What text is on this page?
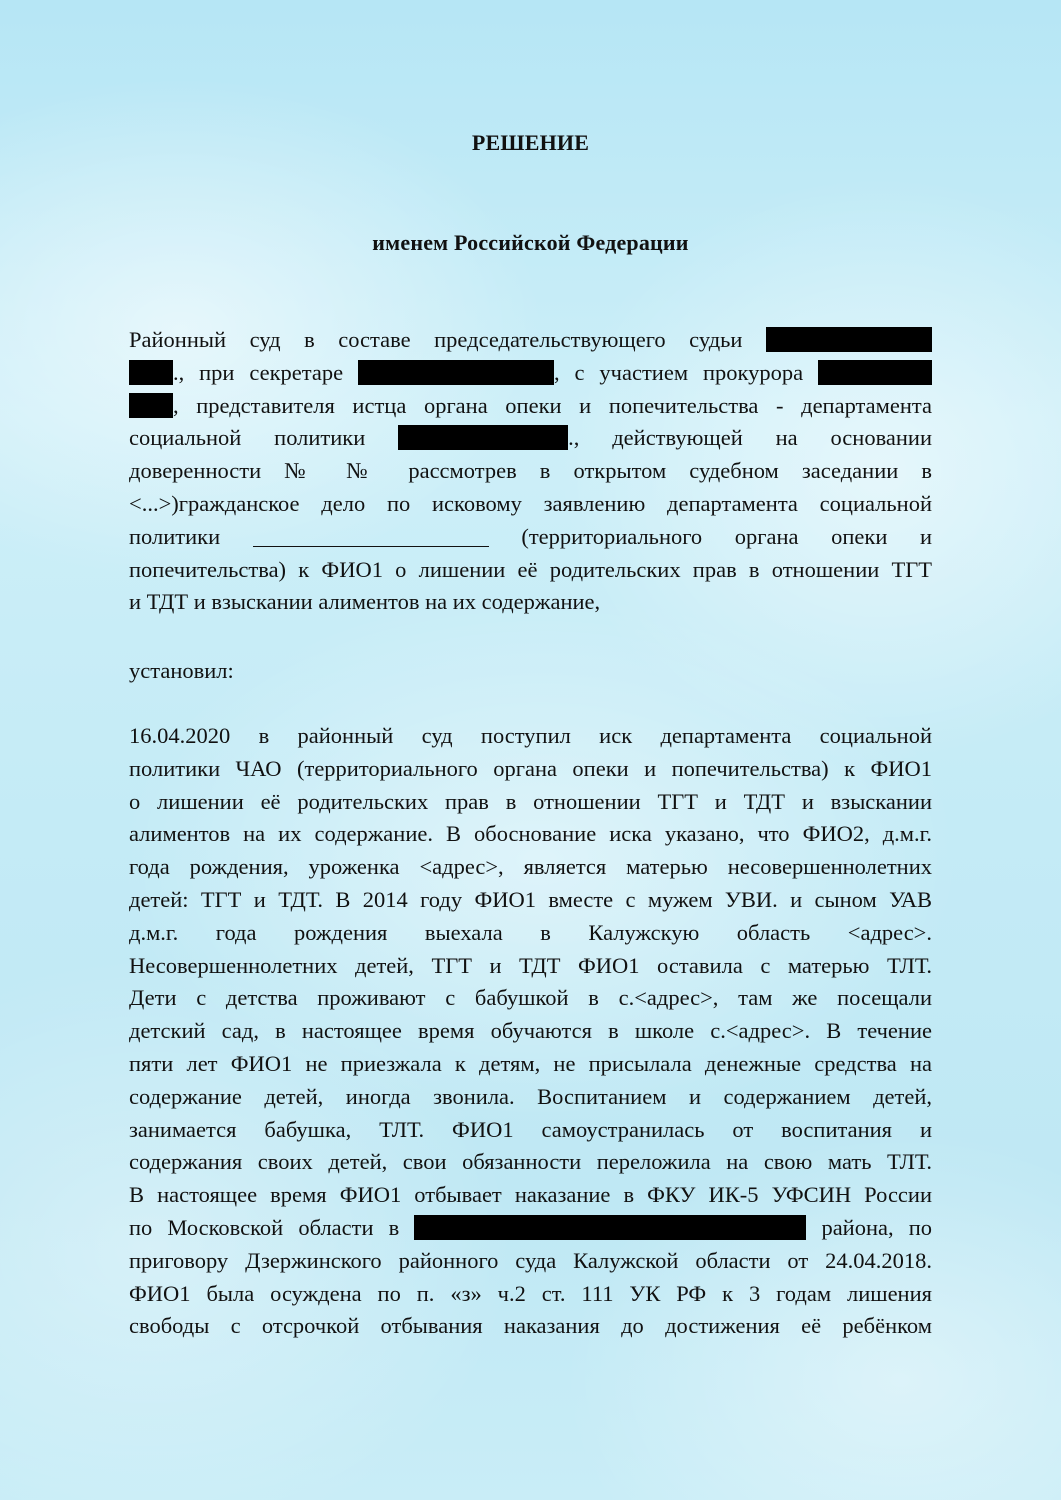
РЕШЕНИЕ
именем Российской Федерации
Районный суд в составе председательствующего судьи
., при секретаре	, с участием прокурора
, представителя истца органа опеки и попечительства - департамента
социальной политики	., действующей на основании
доверенности № № рассмотрев в открытом судебном заседании в
<...>)гражданское дело по исковому заявлению департамента социальной
политики	(территориального органа опеки и
попечительства) к ФИО1 о лишении её родительских прав в отношении ТГТ
и ТДТ и взыскании алиментов на их содержание,
установил:
16.04.2020 в районный суд поступил иск департамента социальной
политики ЧАО (территориального органа опеки и попечительства) к ФИО1
о лишении её родительских прав в отношении ТГТ и ТДТ и взыскании
алиментов на их содержание. В обоснование иска указано, что ФИО2, д.м.г.
года рождения, уроженка <адрес>, является матерью несовершеннолетних
детей: ТГТ и ТДТ. В 2014 году ФИО1 вместе с мужем УВИ. и сыном УАВ
д.м.г. года рождения выехала в Калужскую область <адрес>.
Несовершеннолетних детей, ТГТ и ТДТ ФИО1 оставила с матерью ТЛТ.
Дети с детства проживают с бабушкой в с.<адрес>, там же посещали
детский сад, в настоящее время обучаются в школе с.<адрес>. В течение
пяти лет ФИО1 не приезжала к детям, не присылала денежные средства на
содержание детей, иногда звонила. Воспитанием и содержанием детей,
занимается бабушка, ТЛТ. ФИО1 самоустранилась от воспитания и
содержания своих детей, свои обязанности переложила на свою мать ТЛТ.
В настоящее время ФИО1 отбывает наказание в ФКУ ИК-5 УФСИН России
по Московской области в	района, по
приговору Дзержинского районного суда Калужской области от 24.04.2018.
ФИО1 была осуждена по п. «з» ч.2 ст. 111 УК РФ к 3 годам лишения
свободы с отсрочкой отбывания наказания до достижения её ребёнком
